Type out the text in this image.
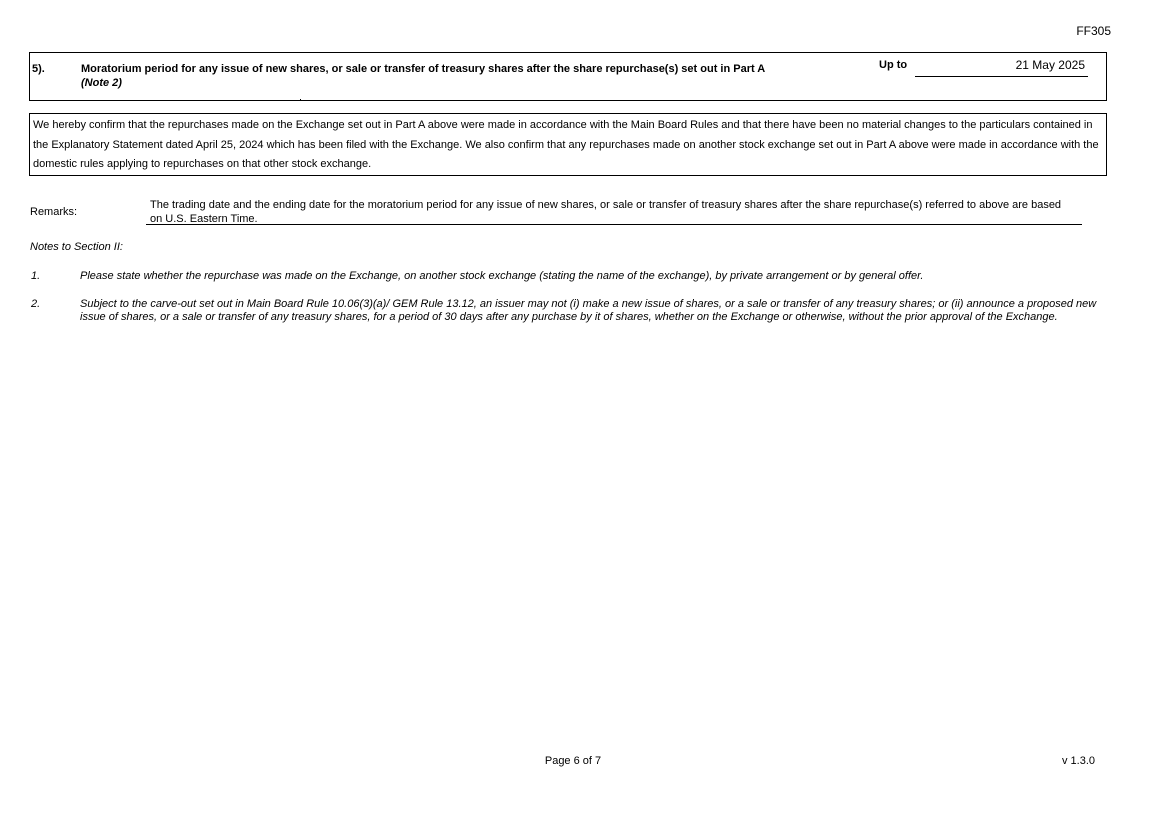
FF305
5).	Moratorium period for any issue of new shares, or sale or transfer of treasury shares after the share repurchase(s) set out in Part A
(Note 2)
Up to	21 May 2025
We hereby confirm that the repurchases made on the Exchange set out in Part A above were made in accordance with the Main Board Rules and that there have been no material changes to the particulars contained in the Explanatory Statement dated April 25, 2024 which has been filed with the Exchange. We also confirm that any repurchases made on another stock exchange set out in Part A above were made in accordance with the domestic rules applying to repurchases on that other stock exchange.
Remarks:
The trading date and the ending date for the moratorium period for any issue of new shares, or sale or transfer of treasury shares after the share repurchase(s) referred to above are based on U.S. Eastern Time.
Notes to Section II:
1.	Please state whether the repurchase was made on the Exchange, on another stock exchange (stating the name of the exchange), by private arrangement or by general offer.
2.	Subject to the carve-out set out in Main Board Rule 10.06(3)(a)/ GEM Rule 13.12, an issuer may not (i) make a new issue of shares, or a sale or transfer of any treasury shares; or (ii) announce a proposed new issue of shares, or a sale or transfer of any treasury shares, for a period of 30 days after any purchase by it of shares, whether on the Exchange or otherwise, without the prior approval of the Exchange.
Page 6 of 7	v 1.3.0
